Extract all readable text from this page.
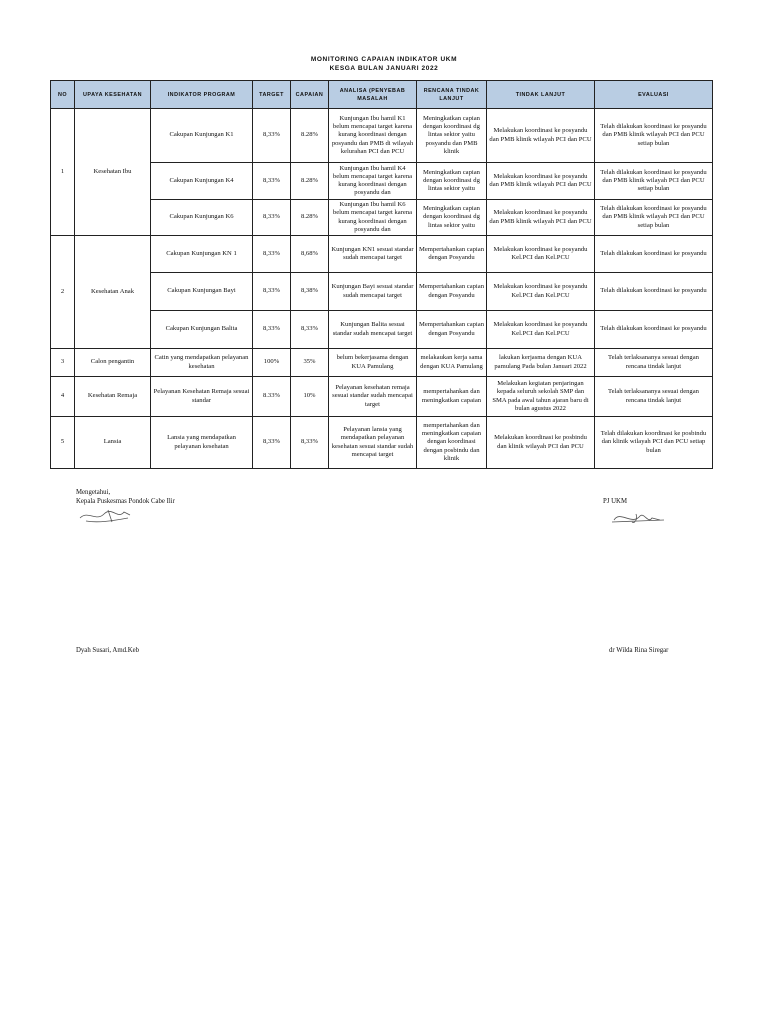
MONITORING CAPAIAN INDIKATOR UKM
KESGA BULAN JANUARI 2022
NO	UPAYA KESEHATAN	INDIKATOR PROGRAM	TARGET	CAPAIAN	ANALISA (PENYEBAB MASALAH	RENCANA TINDAK LANJUT	TINDAK LANJUT	EVALUASI
1	Kesehatan Ibu	Cakupan Kunjungan K1	8,33%	8.28%	Kunjungan Ibu hamil K1 belum mencapai target karena kurang koordinasi dengan posyandu dan PMB di wilayah kelurahan PCI dan PCU	Meningkatkan capian dengan koordinasi dg lintas sektor yaitu posyandu dan PMB klinik	Melakukan koordinasi ke posyandu dan PMB klinik wilayah PCI dan PCU	Telah dilakukan koordinasi ke posyandu dan PMB klinik wilayah PCI dan PCU setiap bulan
		Cakupan Kunjungan K4	8,33%	8.28%	Kunjungan Ibu hamil K4 belum mencapai target karena kurang koordinasi dengan posyandu dan	Meningkatkan capian dengan koordinasi dg lintas sektor yaitu	Melakukan koordinasi ke posyandu dan PMB klinik wilayah PCI dan PCU	Telah dilakukan koordinasi ke posyandu dan PMB klinik wilayah PCI dan PCU setiap bulan
		Cakupan Kunjungan K6	8,33%	8.28%	Kunjungan Ibu hamil K6 belum mencapai target karena kurang koordinasi dengan posyandu dan	Meningkatkan capian dengan koordinasi dg lintas sektor yaitu	Melakukan koordinasi ke posyandu dan PMB klinik wilayah PCI dan PCU	Telah dilakukan koordinasi ke posyandu dan PMB klinik wilayah PCI dan PCU setiap bulan
2	Kesehatan Anak	Cakupan Kunjungan KN 1	8,33%	8,68%	Kunjungan KN1 sesuai standar sudah mencapai target	Mempertahankan capian dengan Posyandu	Melakukan koordinasi ke posyandu Kel.PCI dan Kel.PCU	Telah dilakukan koordinasi ke posyandu
		Cakupan Kunjungan Bayi	8,33%	8,38%	Kunjungan Bayi sesuai standar sudah mencapai target	Mempertahankan capian dengan Posyandu	Melakukan koordinasi ke posyandu Kel.PCI dan Kel.PCU	Telah dilakukan koordinasi ke posyandu
		Cakupan Kunjungan Balita	8,33%	8,33%	Kunjungan Balita sesuai standar sudah mencapai target	Mempertahankan capian dengan Posyandu	Melakukan koordinasi ke posyandu Kel.PCI dan Kel.PCU	Telah dilakukan koordinasi ke posyandu
3	Calon pengantin	Catin yang mendapatkan pelayanan kesehatan	100%	35%	belum bekerjasama dengan KUA Pamulang	melakaukan kerja sama dengan KUA Pamulang	lakukan kerjasma dengan KUA pamulang Pada bulan Januari 2022	Telah terlaksananya sesuai dengan rencana tindak lanjut
4	Kesehatan Remaja	Pelayanan Kesehatan Remaja sesuai standar	8.33%	10%	Pelayanan kesehatan remaja sesuai standar sudah mencapai target	mempertahankan dan meningkatkan capaian	Melakukan kegiatan penjaringan kepada seluruh sekolah SMP dan SMA pada awal tahun ajaran baru di bulan agustus 2022	Telah terlaksananya sesuai dengan rencana tindak lanjut
5	Lansia	Lansia yang mendapatkan pelayanan kesehatan	8,33%	8,33%	Pelayanan lansia yang mendapatkan pelayanan kesehatan sesuai standar sudah mencapai target	mempertahankan dan meningkatkan capaian dengan koordinasi dengan posbindu dan klinik	Melakukan koordinasi ke posbindu dan klinik wilayah PCI dan PCU	Telah dilakukan koordinasi ke posbindu dan klinik wilayah PCI dan PCU setiap bulan
Mengetahui,
Kepala Puskesmas Pondok Cabe Ilir	PJ UKM
Dyah Susari, Amd.Keb	dr Wilda Rina Siregar
